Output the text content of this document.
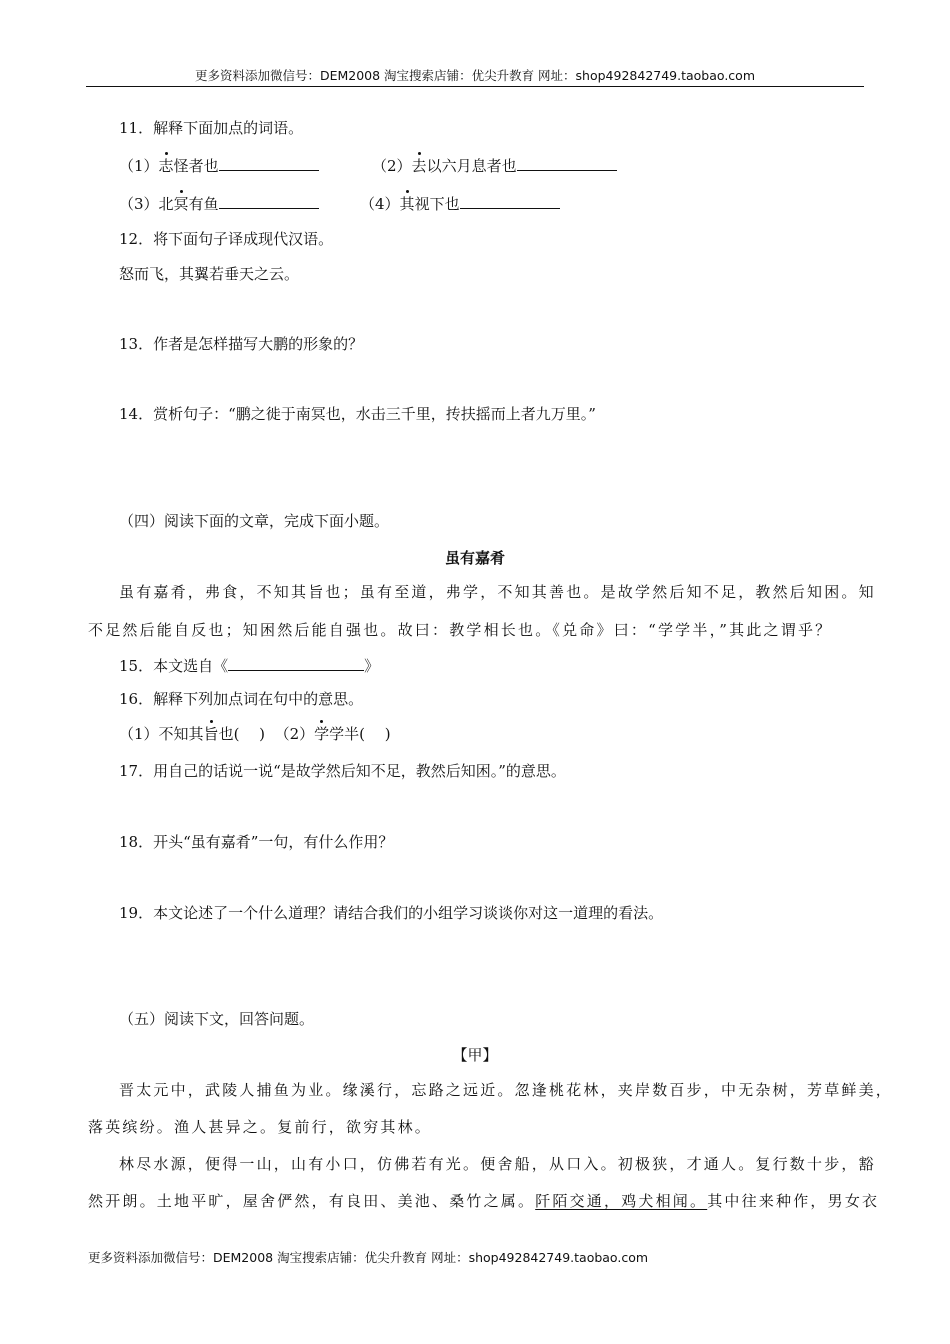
更多资料添加微信号：DEM2008 淘宝搜索店铺：优尖升教育 网址：shop492842749.taobao.com
11．解释下面加点的词语。
（1）志怪者也	（2）去以六月息者也
（3）北冥有鱼	（4）其视下也
12．将下面句子译成现代汉语。
怒而飞，其翼若垂天之云。
13．作者是怎样描写大鹏的形象的？
14．赏析句子：“鹏之徙于南冥也，水击三千里，抟扶摇而上者九万里。”
（四）阅读下面的文章，完成下面小题。
虽有嘉肴
虽有嘉肴，弗食，不知其旨也；虽有至道，弗学，不知其善也。是故学然后知不足，教然后知困。知
不足然后能自反也；知困然后能自强也。故曰：教学相长也。《兑命》曰：“学学半，”其此之谓乎？
15．本文选自《	》
16．解释下列加点词在句中的意思。
（1）不知其旨也(　 ) （2）学学半(　 )
17．用自己的话说一说“是故学然后知不足，教然后知困。”的意思。
18．开头“虽有嘉肴”一句，有什么作用？
19．本文论述了一个什么道理？请结合我们的小组学习谈谈你对这一道理的看法。
（五）阅读下文，回答问题。
【甲】
晋太元中，武陵人捕鱼为业。缘溪行，忘路之远近。忽逢桃花林，夹岸数百步，中无杂树，芳草鲜美，
落英缤纷。渔人甚异之。复前行，欲穷其林。
林尽水源，便得一山，山有小口，仿佛若有光。便舍船，从口入。初极狭，才通人。复行数十步，豁
然开朗。土地平旷，屋舍俨然，有良田、美池、桑竹之属。阡陌交通，鸡犬相闻。其中往来种作，男女衣
更多资料添加微信号：DEM2008 淘宝搜索店铺：优尖升教育 网址：shop492842749.taobao.com
